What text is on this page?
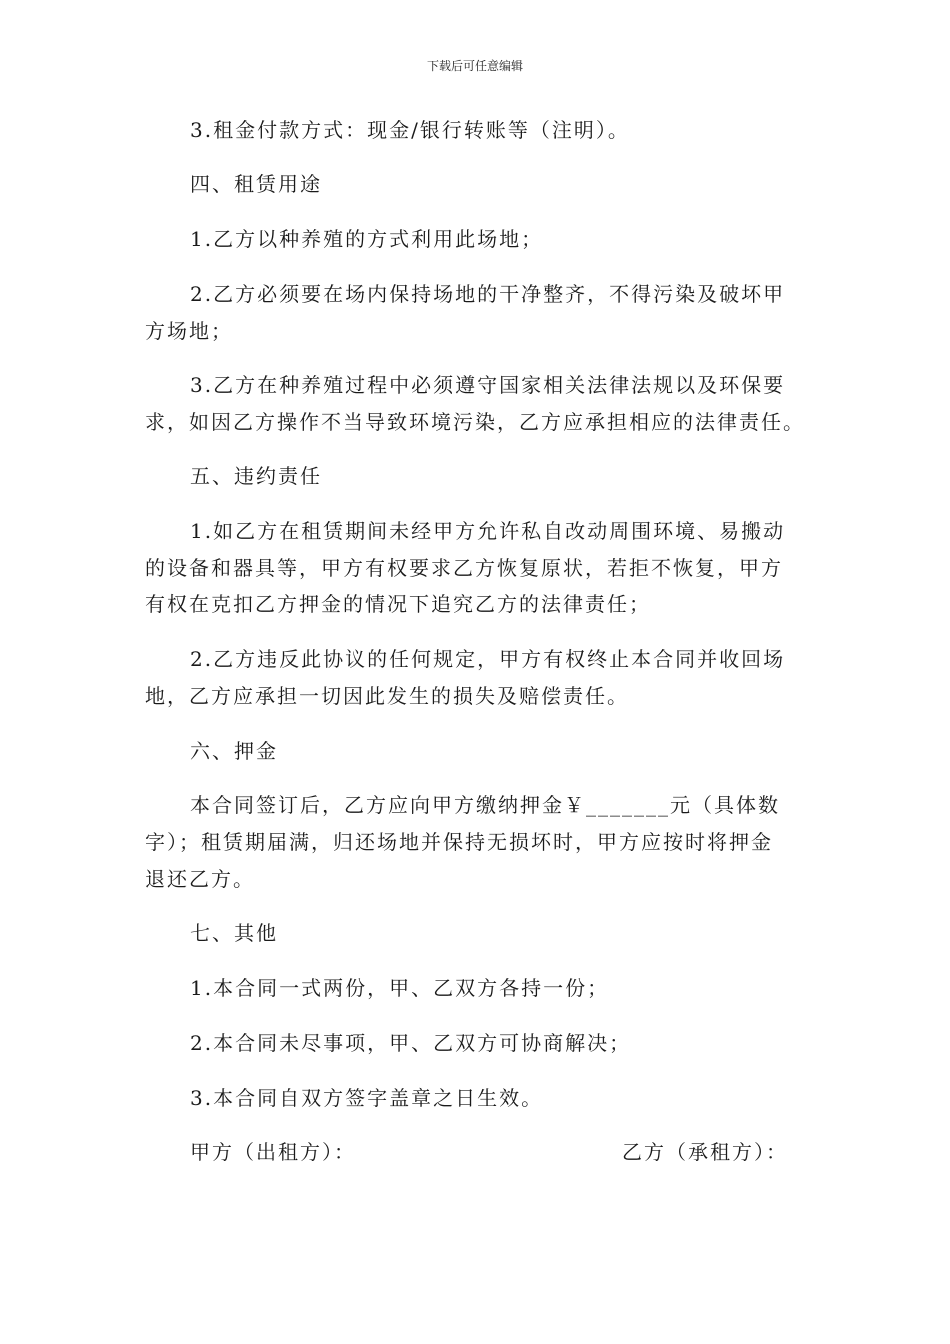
下载后可任意编辑
3.租金付款方式：现金/银行转账等（注明）。
四、租赁用途
1.乙方以种养殖的方式利用此场地；
2.乙方必须要在场内保持场地的干净整齐，不得污染及破坏甲
方场地；
3.乙方在种养殖过程中必须遵守国家相关法律法规以及环保要
求，如因乙方操作不当导致环境污染，乙方应承担相应的法律责任。
五、违约责任
1.如乙方在租赁期间未经甲方允许私自改动周围环境、易搬动
的设备和器具等，甲方有权要求乙方恢复原状，若拒不恢复，甲方
有权在克扣乙方押金的情况下追究乙方的法律责任；
2.乙方违反此协议的任何规定，甲方有权终止本合同并收回场
地，乙方应承担一切因此发生的损失及赔偿责任。
六、押金
本合同签订后，乙方应向甲方缴纳押金￥_______元（具体数
字）；租赁期届满，归还场地并保持无损坏时，甲方应按时将押金
退还乙方。
七、其他
1.本合同一式两份，甲、乙双方各持一份；
2.本合同未尽事项，甲、乙双方可协商解决；
3.本合同自双方签字盖章之日生效。
甲方（出租方）：	乙方（承租方）：
